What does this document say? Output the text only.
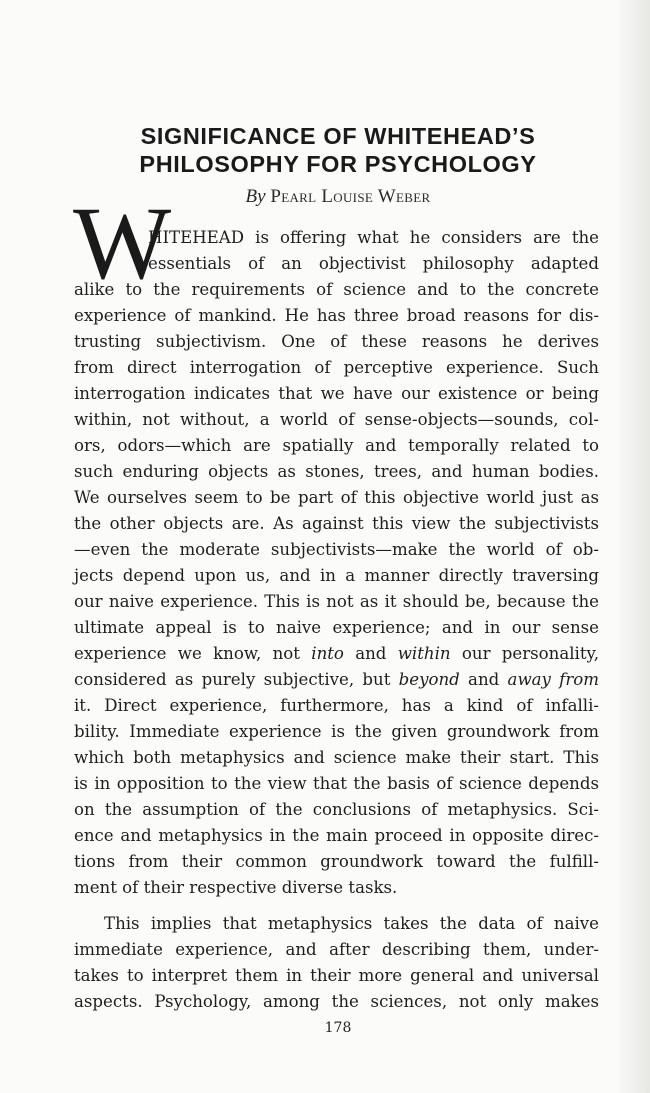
SIGNIFICANCE OF WHITEHEAD’S
PHILOSOPHY FOR PSYCHOLOGY
By Pearl Louise Weber
W
HITEHEAD is offering what he considers are the
essentials of an objectivist philosophy adapted
alike to the requirements of science and to the concrete
experience of mankind. He has three broad reasons for dis-
trusting subjectivism. One of these reasons he derives
from direct interrogation of perceptive experience. Such
interrogation indicates that we have our existence or being
within, not without, a world of sense-objects—sounds, col-
ors, odors—which are spatially and temporally related to
such enduring objects as stones, trees, and human bodies.
We ourselves seem to be part of this objective world just as
the other objects are. As against this view the subjectivists
—even the moderate subjectivists—make the world of ob-
jects depend upon us, and in a manner directly traversing
our naive experience. This is not as it should be, because the
ultimate appeal is to naive experience; and in our sense
experience we know, not into and within our personality,
considered as purely subjective, but beyond and away from
it. Direct experience, furthermore, has a kind of infalli-
bility. Immediate experience is the given groundwork from
which both metaphysics and science make their start. This
is in opposition to the view that the basis of science depends
on the assumption of the conclusions of metaphysics. Sci-
ence and metaphysics in the main proceed in opposite direc-
tions from their common groundwork toward the fulfill-
ment of their respective diverse tasks.
This implies that metaphysics takes the data of naive
immediate experience, and after describing them, under-
takes to interpret them in their more general and universal
aspects. Psychology, among the sciences, not only makes
178
